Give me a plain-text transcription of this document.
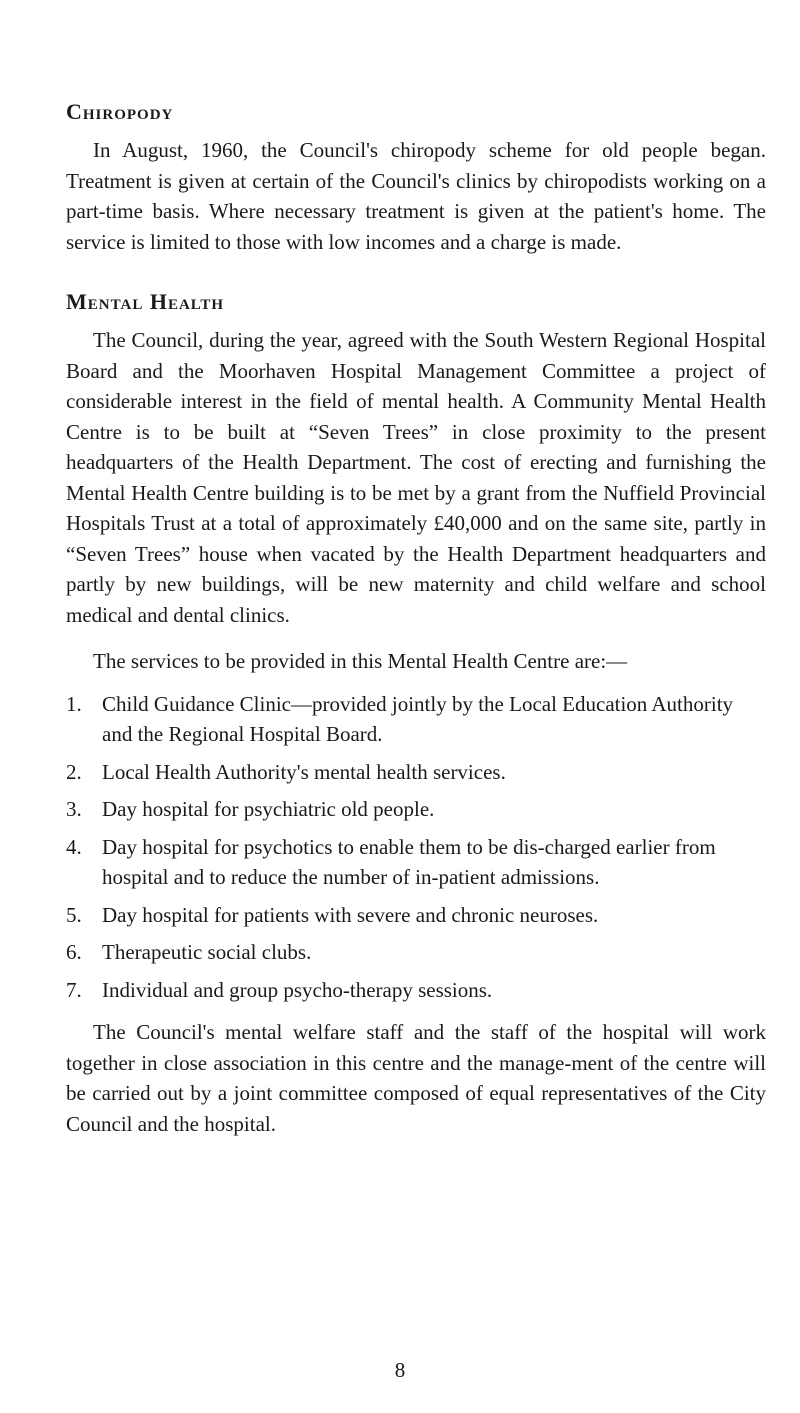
Chiropody

In August, 1960, the Council's chiropody scheme for old people began. Treatment is given at certain of the Council's clinics by chiropodists working on a part-time basis. Where necessary treatment is given at the patient's home. The service is limited to those with low incomes and a charge is made.

Mental Health

The Council, during the year, agreed with the South Western Regional Hospital Board and the Moorhaven Hospital Management Committee a project of considerable interest in the field of mental health. A Community Mental Health Centre is to be built at “Seven Trees” in close proximity to the present headquarters of the Health Department. The cost of erecting and furnishing the Mental Health Centre building is to be met by a grant from the Nuffield Provincial Hospitals Trust at a total of approximately £40,000 and on the same site, partly in “Seven Trees” house when vacated by the Health Department headquarters and partly by new buildings, will be new maternity and child welfare and school medical and dental clinics.

The services to be provided in this Mental Health Centre are:—

1. Child Guidance Clinic—provided jointly by the Local Education Authority and the Regional Hospital Board.
2. Local Health Authority's mental health services.
3. Day hospital for psychiatric old people.
4. Day hospital for psychotics to enable them to be dis-charged earlier from hospital and to reduce the number of in-patient admissions.
5. Day hospital for patients with severe and chronic neuroses.
6. Therapeutic social clubs.
7. Individual and group psycho-therapy sessions.

The Council's mental welfare staff and the staff of the hospital will work together in close association in this centre and the manage-ment of the centre will be carried out by a joint committee composed of equal representatives of the City Council and the hospital.

8
